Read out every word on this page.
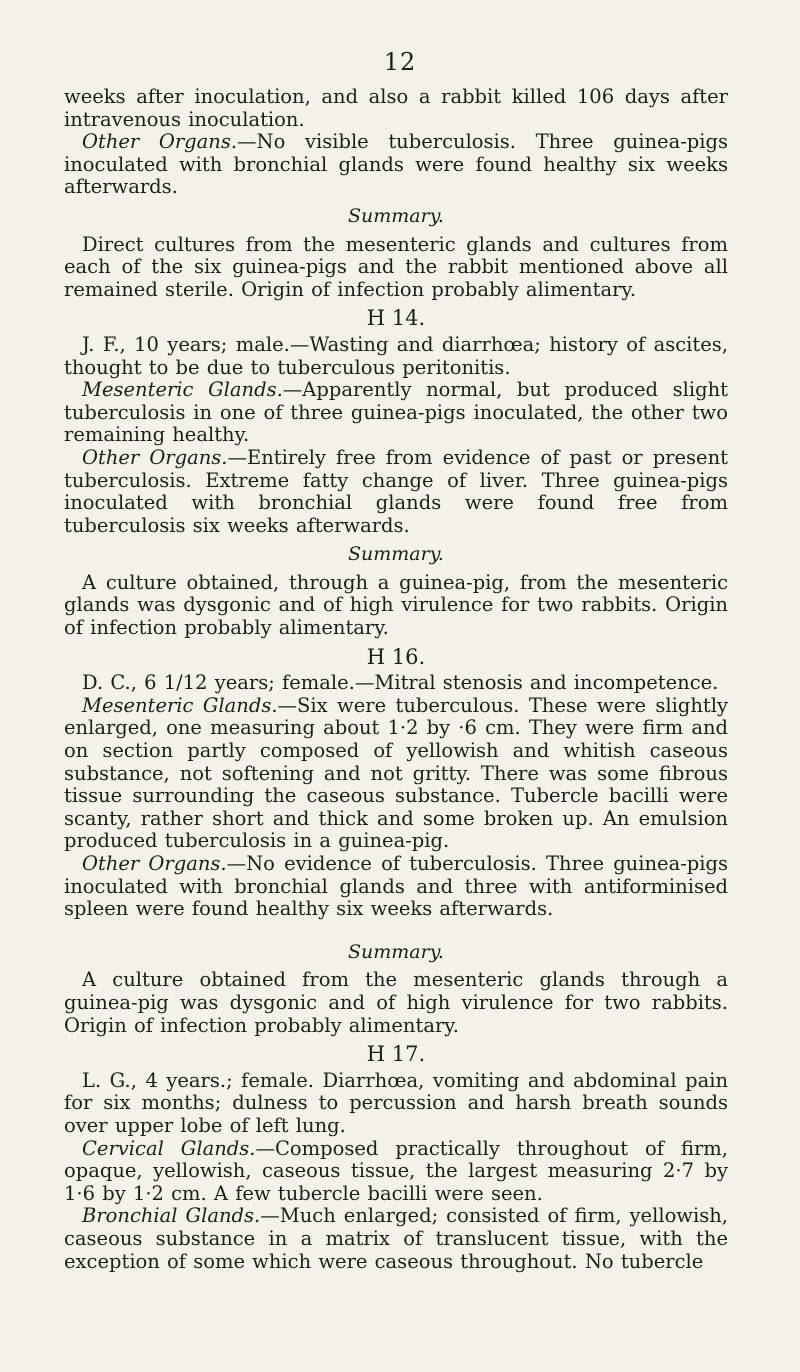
12

weeks after inoculation, and also a rabbit killed 106 days after intravenous inoculation.

Other Organs.—No visible tuberculosis. Three guinea-pigs inoculated with bronchial glands were found healthy six weeks afterwards.

Summary.

Direct cultures from the mesenteric glands and cultures from each of the six guinea-pigs and the rabbit mentioned above all remained sterile. Origin of infection probably alimentary.

H 14.

J. F., 10 years; male.—Wasting and diarrhœa; history of ascites, thought to be due to tuberculous peritonitis.

Mesenteric Glands.—Apparently normal, but produced slight tuberculosis in one of three guinea-pigs inoculated, the other two remaining healthy.

Other Organs.—Entirely free from evidence of past or present tuberculosis. Extreme fatty change of liver. Three guinea-pigs inoculated with bronchial glands were found free from tuberculosis six weeks afterwards.

Summary.

A culture obtained, through a guinea-pig, from the mesenteric glands was dysgonic and of high virulence for two rabbits. Origin of infection probably alimentary.

H 16.

D. C., 6 1/12 years; female.—Mitral stenosis and incompetence.

Mesenteric Glands.—Six were tuberculous. These were slightly enlarged, one measuring about 1·2 by ·6 cm. They were firm and on section partly composed of yellowish and whitish caseous substance, not softening and not gritty. There was some fibrous tissue surrounding the caseous substance. Tubercle bacilli were scanty, rather short and thick and some broken up. An emulsion produced tuberculosis in a guinea-pig.

Other Organs.—No evidence of tuberculosis. Three guinea-pigs inoculated with bronchial glands and three with antiforminised spleen were found healthy six weeks afterwards.

Summary.

A culture obtained from the mesenteric glands through a guinea-pig was dysgonic and of high virulence for two rabbits. Origin of infection probably alimentary.

H 17.

L. G., 4 years.; female. Diarrhœa, vomiting and abdominal pain for six months; dulness to percussion and harsh breath sounds over upper lobe of left lung.

Cervical Glands.—Composed practically throughout of firm, opaque, yellowish, caseous tissue, the largest measuring 2·7 by 1·6 by 1·2 cm. A few tubercle bacilli were seen.

Bronchial Glands.—Much enlarged; consisted of firm, yellowish, caseous substance in a matrix of translucent tissue, with the exception of some which were caseous throughout. No tubercle
